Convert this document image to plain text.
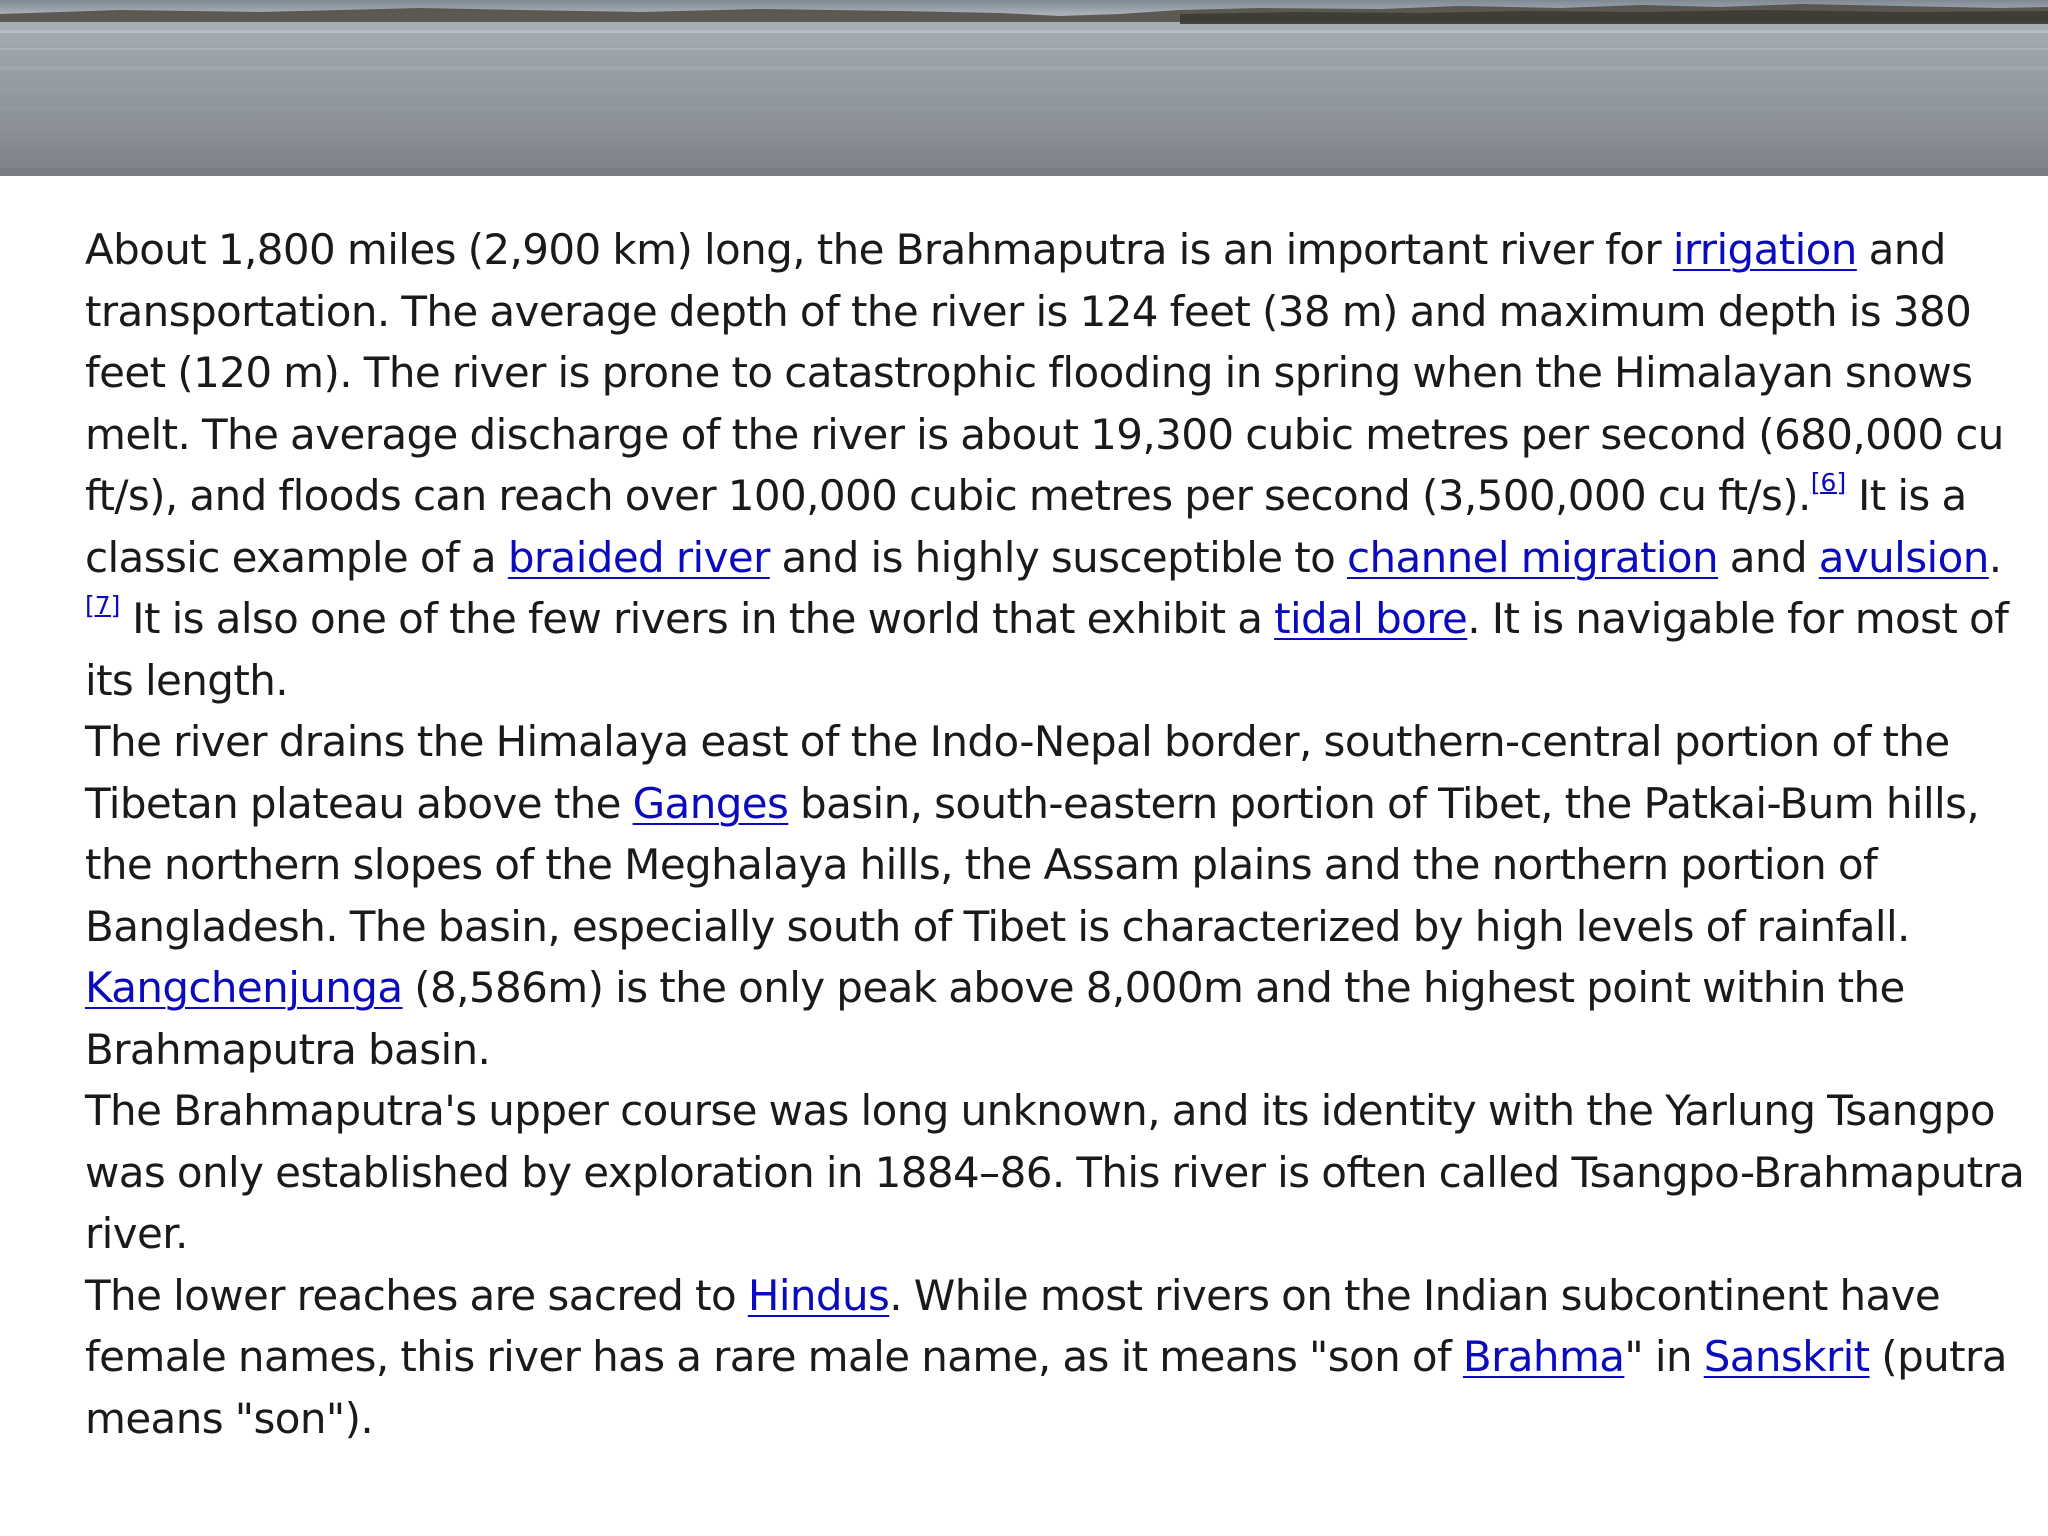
About 1,800 miles (2,900 km) long, the Brahmaputra is an important river for irrigation and transportation. The average depth of the river is 124 feet (38 m) and maximum depth is 380 feet (120 m). The river is prone to catastrophic flooding in spring when the Himalayan snows melt. The average discharge of the river is about 19,300 cubic metres per second (680,000 cu ft/s), and floods can reach over 100,000 cubic metres per second (3,500,000 cu ft/s).[6] It is a classic example of a braided river and is highly susceptible to channel migration and avulsion.[7] It is also one of the few rivers in the world that exhibit a tidal bore. It is navigable for most of its length.

The river drains the Himalaya east of the Indo-Nepal border, southern-central portion of the Tibetan plateau above the Ganges basin, south-eastern portion of Tibet, the Patkai-Bum hills, the northern slopes of the Meghalaya hills, the Assam plains and the northern portion of Bangladesh. The basin, especially south of Tibet is characterized by high levels of rainfall. Kangchenjunga (8,586m) is the only peak above 8,000m and the highest point within the Brahmaputra basin.

The Brahmaputra's upper course was long unknown, and its identity with the Yarlung Tsangpo was only established by exploration in 1884–86. This river is often called Tsangpo-Brahmaputra river.

The lower reaches are sacred to Hindus. While most rivers on the Indian subcontinent have female names, this river has a rare male name, as it means "son of Brahma" in Sanskrit (putra means "son").
